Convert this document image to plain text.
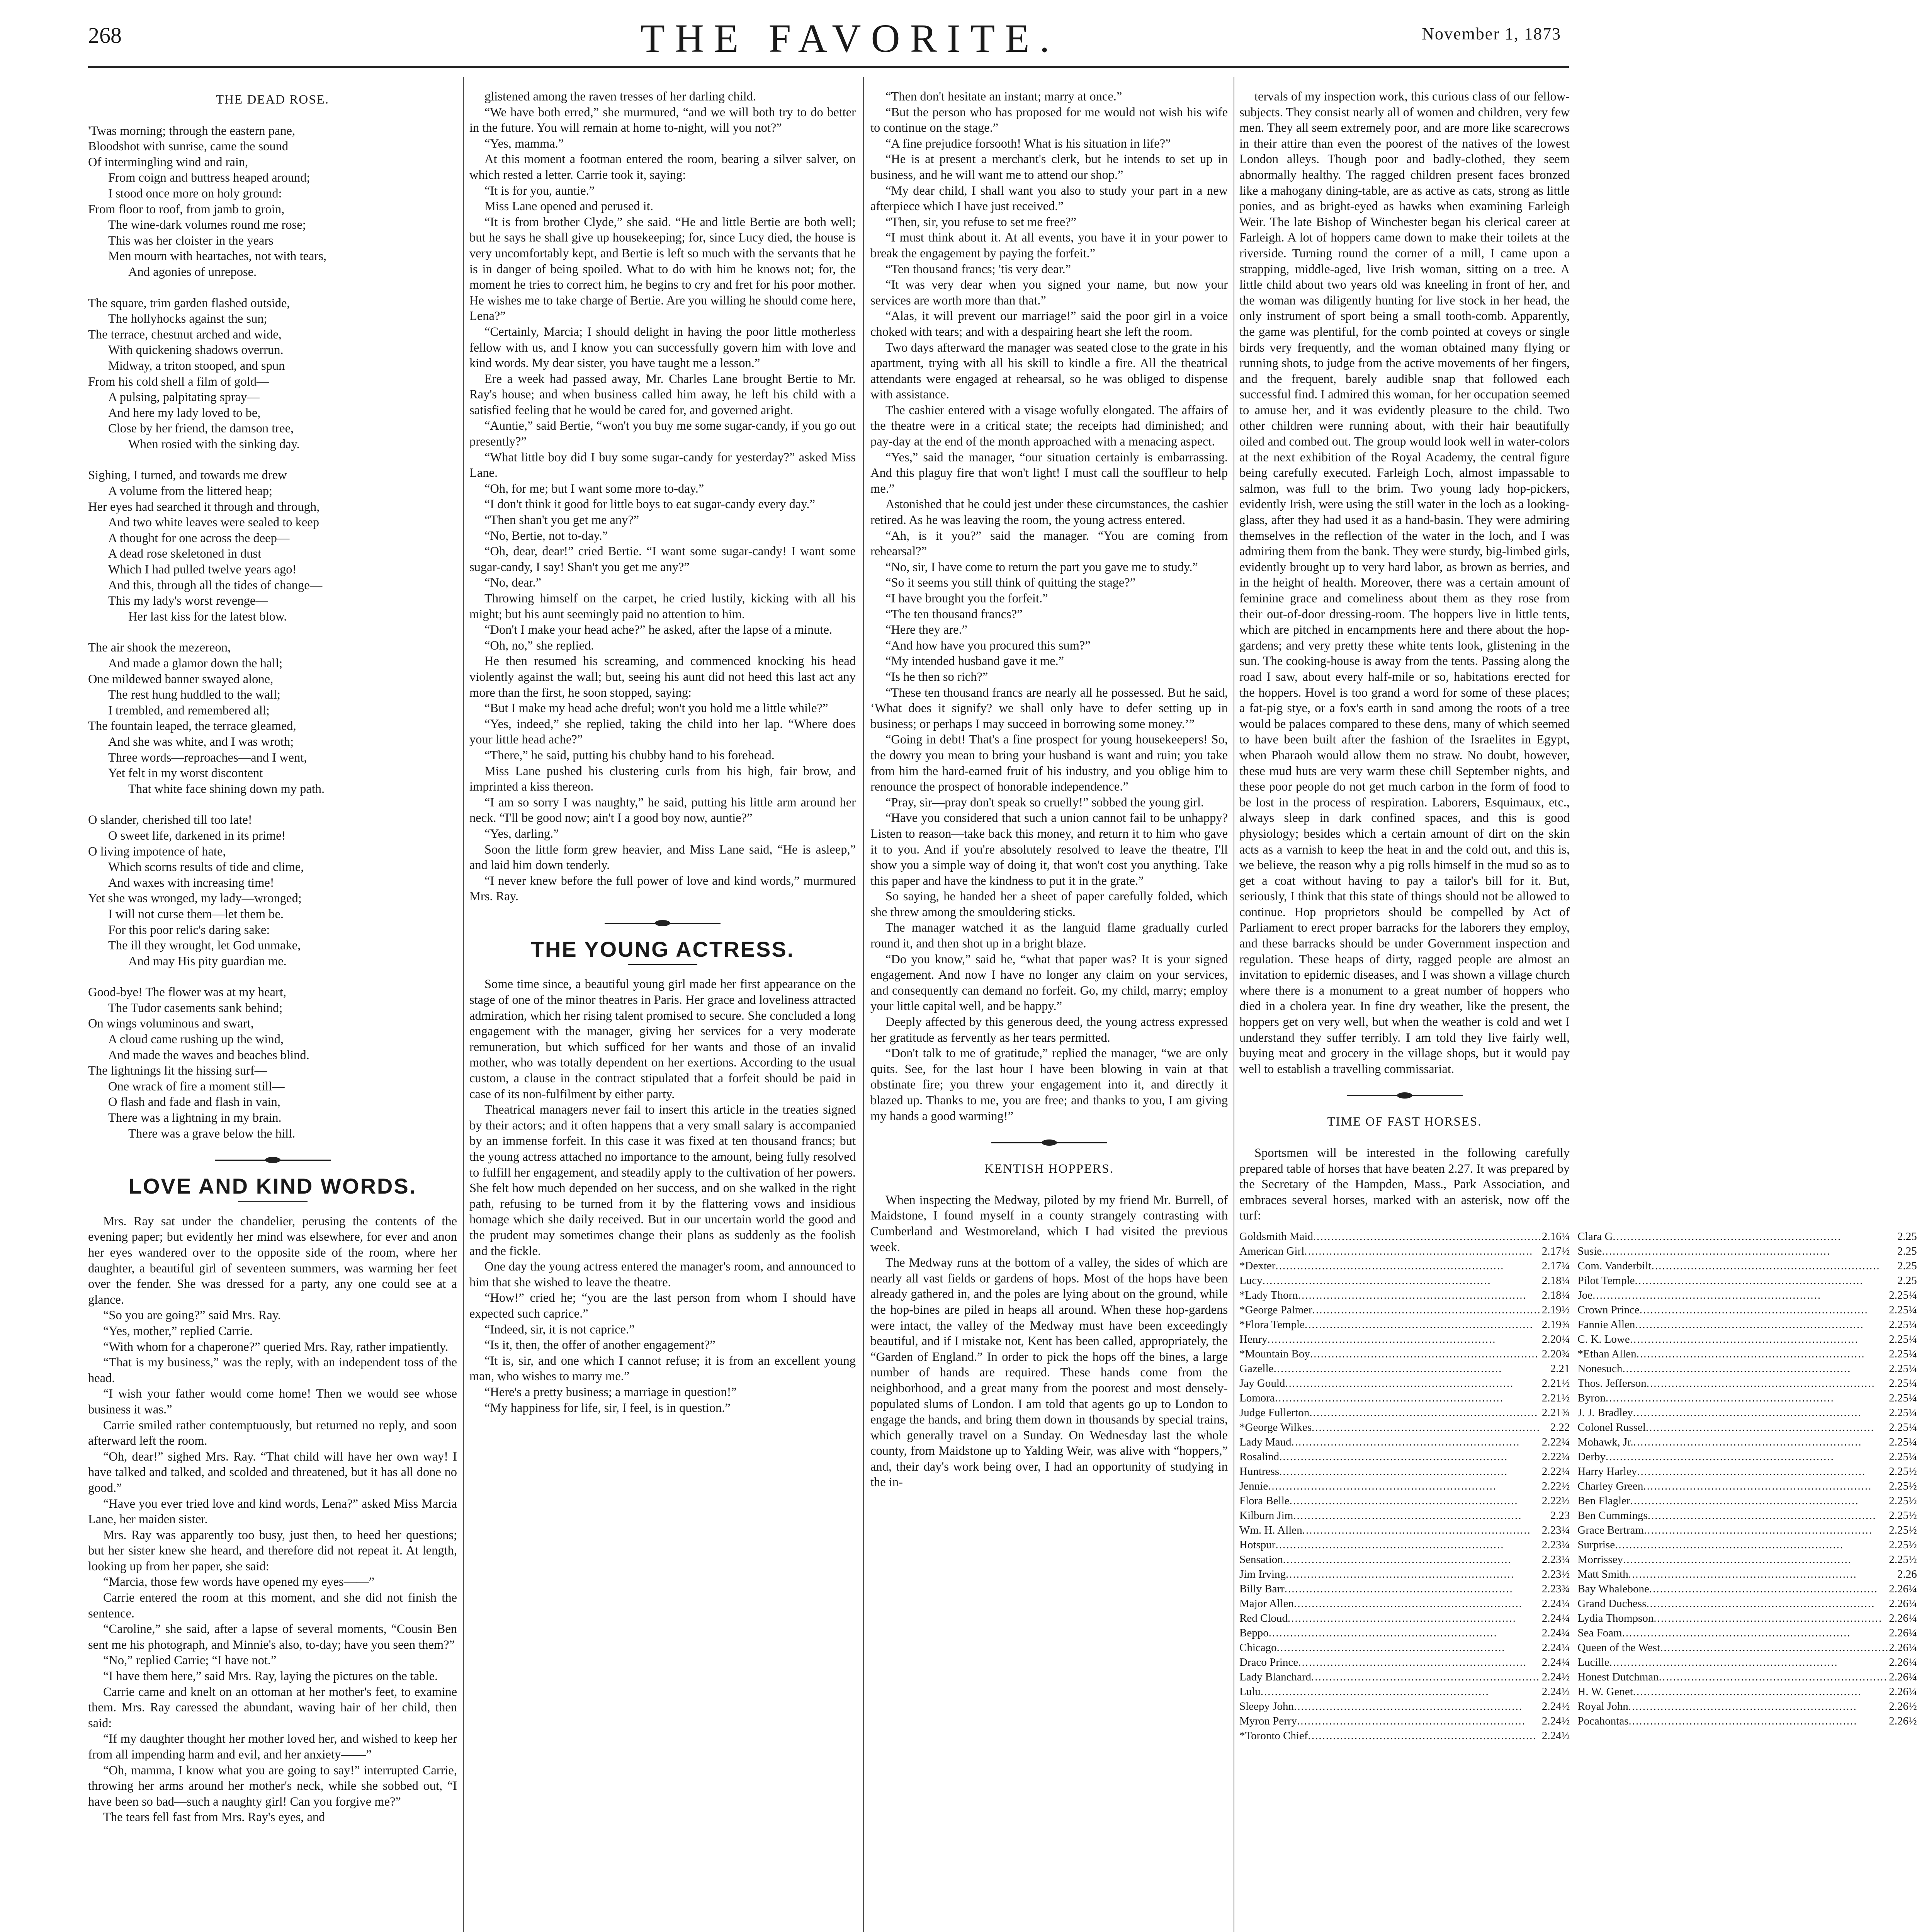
268	THE FAVORITE.	November 1, 1873
THE DEAD ROSE.

'Twas morning; through the eastern pane,

Bloodshot with sunrise, came the sound

Of intermingling wind and rain,

From coign and buttress heaped around;

I stood once more on holy ground:

From floor to roof, from jamb to groin,

The wine-dark volumes round me rose;

This was her cloister in the years

Men mourn with heartaches, not with tears,

And agonies of unrepose.

The square, trim garden flashed outside,

The hollyhocks against the sun;

The terrace, chestnut arched and wide,

With quickening shadows overrun.

Midway, a triton stooped, and spun

From his cold shell a film of gold—

A pulsing, palpitating spray—

And here my lady loved to be,

Close by her friend, the damson tree,

When rosied with the sinking day.

Sighing, I turned, and towards me drew

A volume from the littered heap;

Her eyes had searched it through and through,

And two white leaves were sealed to keep

A thought for one across the deep—

A dead rose skeletoned in dust

Which I had pulled twelve years ago!

And this, through all the tides of change—

This my lady's worst revenge—

Her last kiss for the latest blow.

The air shook the mezereon,

And made a glamor down the hall;

One mildewed banner swayed alone,

The rest hung huddled to the wall;

I trembled, and remembered all;

The fountain leaped, the terrace gleamed,

And she was white, and I was wroth;

Three words—reproaches—and I went,

Yet felt in my worst discontent

That white face shining down my path.

O slander, cherished till too late!

O sweet life, darkened in its prime!

O living impotence of hate,

Which scorns results of tide and clime,

And waxes with increasing time!

Yet she was wronged, my lady—wronged;

I will not curse them—let them be.

For this poor relic's daring sake:

The ill they wrought, let God unmake,

And may His pity guardian me.

Good-bye! The flower was at my heart,

The Tudor casements sank behind;

On wings voluminous and swart,

A cloud came rushing up the wind,

And made the waves and beaches blind.

The lightnings lit the hissing surf—

One wrack of fire a moment still—

O flash and fade and flash in vain,

There was a lightning in my brain.

There was a grave below the hill.

LOVE AND KIND WORDS.

Mrs. Ray sat under the chandelier, perusing the contents of the evening paper; but evidently her mind was elsewhere, for ever and anon her eyes wandered over to the opposite side of the room, where her daughter, a beautiful girl of seventeen summers, was warming her feet over the fender. She was dressed for a party, any one could see at a glance.

“So you are going?” said Mrs. Ray.

“Yes, mother,” replied Carrie.

“With whom for a chaperone?” queried Mrs. Ray, rather impatiently.

“That is my business,” was the reply, with an independent toss of the head.

“I wish your father would come home! Then we would see whose business it was.”

Carrie smiled rather contemptuously, but returned no reply, and soon afterward left the room.

“Oh, dear!” sighed Mrs. Ray. “That child will have her own way! I have talked and talked, and scolded and threatened, but it has all done no good.”

“Have you ever tried love and kind words, Lena?” asked Miss Marcia Lane, her maiden sister.

Mrs. Ray was apparently too busy, just then, to heed her questions; but her sister knew she heard, and therefore did not repeat it. At length, looking up from her paper, she said:

“Marcia, those few words have opened my eyes——”

Carrie entered the room at this moment, and she did not finish the sentence.

“Caroline,” she said, after a lapse of several moments, “Cousin Ben sent me his photograph, and Minnie's also, to-day; have you seen them?”

“No,” replied Carrie; “I have not.”

“I have them here,” said Mrs. Ray, laying the pictures on the table.

Carrie came and knelt on an ottoman at her mother's feet, to examine them. Mrs. Ray caressed the abundant, waving hair of her child, then said:

“If my daughter thought her mother loved her, and wished to keep her from all impending harm and evil, and her anxiety——”

“Oh, mamma, I know what you are going to say!” interrupted Carrie, throwing her arms around her mother's neck, while she sobbed out, “I have been so bad—such a naughty girl! Can you forgive me?”

The tears fell fast from Mrs. Ray's eyes, and

glistened among the raven tresses of her darling child.

“We have both erred,” she murmured, “and we will both try to do better in the future. You will remain at home to-night, will you not?”

“Yes, mamma.”

At this moment a footman entered the room, bearing a silver salver, on which rested a letter. Carrie took it, saying:

“It is for you, auntie.”

Miss Lane opened and perused it.

“It is from brother Clyde,” she said. “He and little Bertie are both well; but he says he shall give up housekeeping; for, since Lucy died, the house is very uncomfortably kept, and Bertie is left so much with the servants that he is in danger of being spoiled. What to do with him he knows not; for, the moment he tries to correct him, he begins to cry and fret for his poor mother. He wishes me to take charge of Bertie. Are you willing he should come here, Lena?”

“Certainly, Marcia; I should delight in having the poor little motherless fellow with us, and I know you can successfully govern him with love and kind words. My dear sister, you have taught me a lesson.”

Ere a week had passed away, Mr. Charles Lane brought Bertie to Mr. Ray's house; and when business called him away, he left his child with a satisfied feeling that he would be cared for, and governed aright.

“Auntie,” said Bertie, “won't you buy me some sugar-candy, if you go out presently?”

“What little boy did I buy some sugar-candy for yesterday?” asked Miss Lane.

“Oh, for me; but I want some more to-day.”

“I don't think it good for little boys to eat sugar-candy every day.”

“Then shan't you get me any?”

“No, Bertie, not to-day.”

“Oh, dear, dear!” cried Bertie. “I want some sugar-candy! I want some sugar-candy, I say! Shan't you get me any?”

“No, dear.”

Throwing himself on the carpet, he cried lustily, kicking with all his might; but his aunt seemingly paid no attention to him.

“Don't I make your head ache?” he asked, after the lapse of a minute.

“Oh, no,” she replied.

He then resumed his screaming, and commenced knocking his head violently against the wall; but, seeing his aunt did not heed this last act any more than the first, he soon stopped, saying:

“But I make my head ache dreful; won't you hold me a little while?”

“Yes, indeed,” she replied, taking the child into her lap. “Where does your little head ache?”

“There,” he said, putting his chubby hand to his forehead.

Miss Lane pushed his clustering curls from his high, fair brow, and imprinted a kiss thereon.

“I am so sorry I was naughty,” he said, putting his little arm around her neck. “I'll be good now; ain't I a good boy now, auntie?”

“Yes, darling.”

Soon the little form grew heavier, and Miss Lane said, “He is asleep,” and laid him down tenderly.

“I never knew before the full power of love and kind words,” murmured Mrs. Ray.

THE YOUNG ACTRESS.

Some time since, a beautiful young girl made her first appearance on the stage of one of the minor theatres in Paris. Her grace and loveliness attracted admiration, which her rising talent promised to secure. She concluded a long engagement with the manager, giving her services for a very moderate remuneration, but which sufficed for her wants and those of an invalid mother, who was totally dependent on her exertions. According to the usual custom, a clause in the contract stipulated that a forfeit should be paid in case of its non-fulfilment by either party.

Theatrical managers never fail to insert this article in the treaties signed by their actors; and it often happens that a very small salary is accompanied by an immense forfeit. In this case it was fixed at ten thousand francs; but the young actress attached no importance to the amount, being fully resolved to fulfill her engagement, and steadily apply to the cultivation of her powers. She felt how much depended on her success, and on she walked in the right path, refusing to be turned from it by the flattering vows and insidious homage which she daily received. But in our uncertain world the good and the prudent may sometimes change their plans as suddenly as the foolish and the fickle.

One day the young actress entered the manager's room, and announced to him that she wished to leave the theatre.

“How!” cried he; “you are the last person from whom I should have expected such caprice.”

“Indeed, sir, it is not caprice.”

“Is it, then, the offer of another engagement?”

“It is, sir, and one which I cannot refuse; it is from an excellent young man, who wishes to marry me.”

“Here's a pretty business; a marriage in question!”

“My happiness for life, sir, I feel, is in question.”

“Then don't hesitate an instant; marry at once.”

“But the person who has proposed for me would not wish his wife to continue on the stage.”

“A fine prejudice forsooth! What is his situation in life?”

“He is at present a merchant's clerk, but he intends to set up in business, and he will want me to attend our shop.”

“My dear child, I shall want you also to study your part in a new afterpiece which I have just received.”

“Then, sir, you refuse to set me free?”

“I must think about it. At all events, you have it in your power to break the engagement by paying the forfeit.”

“Ten thousand francs; 'tis very dear.”

“It was very dear when you signed your name, but now your services are worth more than that.”

“Alas, it will prevent our marriage!” said the poor girl in a voice choked with tears; and with a despairing heart she left the room.

Two days afterward the manager was seated close to the grate in his apartment, trying with all his skill to kindle a fire. All the theatrical attendants were engaged at rehearsal, so he was obliged to dispense with assistance.

The cashier entered with a visage wofully elongated. The affairs of the theatre were in a critical state; the receipts had diminished; and pay-day at the end of the month approached with a menacing aspect.

“Yes,” said the manager, “our situation certainly is embarrassing. And this plaguy fire that won't light! I must call the souffleur to help me.”

Astonished that he could jest under these circumstances, the cashier retired. As he was leaving the room, the young actress entered.

“Ah, is it you?” said the manager. “You are coming from rehearsal?”

“No, sir, I have come to return the part you gave me to study.”

“So it seems you still think of quitting the stage?”

“I have brought you the forfeit.”

“The ten thousand francs?”

“Here they are.”

“And how have you procured this sum?”

“My intended husband gave it me.”

“Is he then so rich?”

“These ten thousand francs are nearly all he possessed. But he said, ‘What does it signify? we shall only have to defer setting up in business; or perhaps I may succeed in borrowing some money.’”

“Going in debt! That's a fine prospect for young housekeepers! So, the dowry you mean to bring your husband is want and ruin; you take from him the hard-earned fruit of his industry, and you oblige him to renounce the prospect of honorable independence.”

“Pray, sir—pray don't speak so cruelly!” sobbed the young girl.

“Have you considered that such a union cannot fail to be unhappy? Listen to reason—take back this money, and return it to him who gave it to you. And if you're absolutely resolved to leave the theatre, I'll show you a simple way of doing it, that won't cost you anything. Take this paper and have the kindness to put it in the grate.”

So saying, he handed her a sheet of paper carefully folded, which she threw among the smouldering sticks.

The manager watched it as the languid flame gradually curled round it, and then shot up in a bright blaze.

“Do you know,” said he, “what that paper was? It is your signed engagement. And now I have no longer any claim on your services, and consequently can demand no forfeit. Go, my child, marry; employ your little capital well, and be happy.”

Deeply affected by this generous deed, the young actress expressed her gratitude as fervently as her tears permitted.

“Don't talk to me of gratitude,” replied the manager, “we are only quits. See, for the last hour I have been blowing in vain at that obstinate fire; you threw your engagement into it, and directly it blazed up. Thanks to me, you are free; and thanks to you, I am giving my hands a good warming!”

KENTISH HOPPERS.

When inspecting the Medway, piloted by my friend Mr. Burrell, of Maidstone, I found myself in a county strangely contrasting with Cumberland and Westmoreland, which I had visited the previous week.

The Medway runs at the bottom of a valley, the sides of which are nearly all vast fields or gardens of hops. Most of the hops have been already gathered in, and the poles are lying about on the ground, while the hop-bines are piled in heaps all around. When these hop-gardens were intact, the valley of the Medway must have been exceedingly beautiful, and if I mistake not, Kent has been called, appropriately, the “Garden of England.” In order to pick the hops off the bines, a large number of hands are required. These hands come from the neighborhood, and a great many from the poorest and most densely-populated slums of London. I am told that agents go up to London to engage the hands, and bring them down in thousands by special trains, which generally travel on a Sunday. On Wednesday last the whole county, from Maidstone up to Yalding Weir, was alive with “hoppers,” and, their day's work being over, I had an opportunity of studying in the in-

tervals of my inspection work, this curious class of our fellow-subjects. They consist nearly all of women and children, very few men. They all seem extremely poor, and are more like scarecrows in their attire than even the poorest of the natives of the lowest London alleys. Though poor and badly-clothed, they seem abnormally healthy. The ragged children present faces bronzed like a mahogany dining-table, are as active as cats, strong as little ponies, and as bright-eyed as hawks when examining Farleigh Weir. The late Bishop of Winchester began his clerical career at Farleigh. A lot of hoppers came down to make their toilets at the riverside. Turning round the corner of a mill, I came upon a strapping, middle-aged, live Irish woman, sitting on a tree. A little child about two years old was kneeling in front of her, and the woman was diligently hunting for live stock in her head, the only instrument of sport being a small tooth-comb. Apparently, the game was plentiful, for the comb pointed at coveys or single birds very frequently, and the woman obtained many flying or running shots, to judge from the active movements of her fingers, and the frequent, barely audible snap that followed each successful find. I admired this woman, for her occupation seemed to amuse her, and it was evidently pleasure to the child. Two other children were running about, with their hair beautifully oiled and combed out. The group would look well in water-colors at the next exhibition of the Royal Academy, the central figure being carefully executed. Farleigh Loch, almost impassable to salmon, was full to the brim. Two young lady hop-pickers, evidently Irish, were using the still water in the loch as a looking-glass, after they had used it as a hand-basin. They were admiring themselves in the reflection of the water in the loch, and I was admiring them from the bank. They were sturdy, big-limbed girls, evidently brought up to very hard labor, as brown as berries, and in the height of health. Moreover, there was a certain amount of feminine grace and comeliness about them as they rose from their out-of-door dressing-room. The hoppers live in little tents, which are pitched in encampments here and there about the hop-gardens; and very pretty these white tents look, glistening in the sun. The cooking-house is away from the tents. Passing along the road I saw, about every half-mile or so, habitations erected for the hoppers. Hovel is too grand a word for some of these places; a fat-pig stye, or a fox's earth in sand among the roots of a tree would be palaces compared to these dens, many of which seemed to have been built after the fashion of the Israelites in Egypt, when Pharaoh would allow them no straw. No doubt, however, these mud huts are very warm these chill September nights, and these poor people do not get much carbon in the form of food to be lost in the process of respiration. Laborers, Esquimaux, etc., always sleep in dark confined spaces, and this is good physiology; besides which a certain amount of dirt on the skin acts as a varnish to keep the heat in and the cold out, and this is, we believe, the reason why a pig rolls himself in the mud so as to get a coat without having to pay a tailor's bill for it. But, seriously, I think that this state of things should not be allowed to continue. Hop proprietors should be compelled by Act of Parliament to erect proper barracks for the laborers they employ, and these barracks should be under Government inspection and regulation. These heaps of dirty, ragged people are almost an invitation to epidemic diseases, and I was shown a village church where there is a monument to a great number of hoppers who died in a cholera year. In fine dry weather, like the present, the hoppers get on very well, but when the weather is cold and wet I understand they suffer terribly. I am told they live fairly well, buying meat and grocery in the village shops, but it would pay well to establish a travelling commissariat.

TIME OF FAST HORSES.

Sportsmen will be interested in the following carefully prepared table of horses that have beaten 2.27. It was prepared by the Secretary of the Hampden, Mass., Park Association, and embraces several horses, marked with an asterisk, now off the turf:

Goldsmith Maid .....	2.16¼
American Girl .....	2.17½
*Dexter .....	2.17¼
Lucy .....	2.18¼
*Lady Thorn .....	2.18¼
*George Palmer .....	2.19½
*Flora Temple .....	2.19¾
Henry .....	2.20¼
*Mountain Boy .....	2.20¾
Gazelle .....	2.21
Jay Gould .....	2.21½
Lomora .....	2.21½
Judge Fullerton .....	2.21¾
*George Wilkes .....	2.22
Lady Maud .....	2.22¼
Rosalind .....	2.22¼
Huntress .....	2.22¼
Jennie .....	2.22½
Flora Belle .....	2.22½
Kilburn Jim .....	2.23
Wm. H. Allen .....	2.23¼
Hotspur .....	2.23¼
Sensation .....	2.23¼
Jim Irving .....	2.23½
Billy Barr .....	2.23¾
Major Allen .....	2.24¼
Red Cloud .....	2.24¼
Beppo .....	2.24¼
Chicago .....	2.24¼
Draco Prince .....	2.24¼
Lady Blanchard .....	2.24½
Lulu .....	2.24½
Sleepy John .....	2.24½
Myron Perry .....	2.24½
*Toronto Chief .....	2.24½
Clara G .....	2.25
Susie .....	2.25
Com. Vanderbilt .....	2.25
Pilot Temple .....	2.25
Joe .....	2.25¼
Crown Prince .....	2.25¼
Fannie Allen .....	2.25¼
C. K. Lowe .....	2.25¼
*Ethan Allen .....	2.25¼
Nonesuch .....	2.25¼
Thos. Jefferson .....	2.25¼
Byron .....	2.25¼
J. J. Bradley .....	2.25¼
Colonel Russel .....	2.25¼
Mohawk, Jr. .....	2.25¼
Derby .....	2.25¼
Harry Harley .....	2.25½
Charley Green .....	2.25½
Ben Flagler .....	2.25½
Ben Cummings .....	2.25½
Grace Bertram .....	2.25½
Surprise .....	2.25½
Morrissey .....	2.25½
Matt Smith .....	2.26
Bay Whalebone .....	2.26¼
Grand Duchess .....	2.26¼
Lydia Thompson .....	2.26¼
Sea Foam .....	2.26¼
Queen of the West .....	2.26¼
Lucille .....	2.26¼
Honest Dutchman .....	2.26¼
H. W. Genet .....	2.26¼
Royal John .....	2.26½
Pocahontas .....	2.26½
